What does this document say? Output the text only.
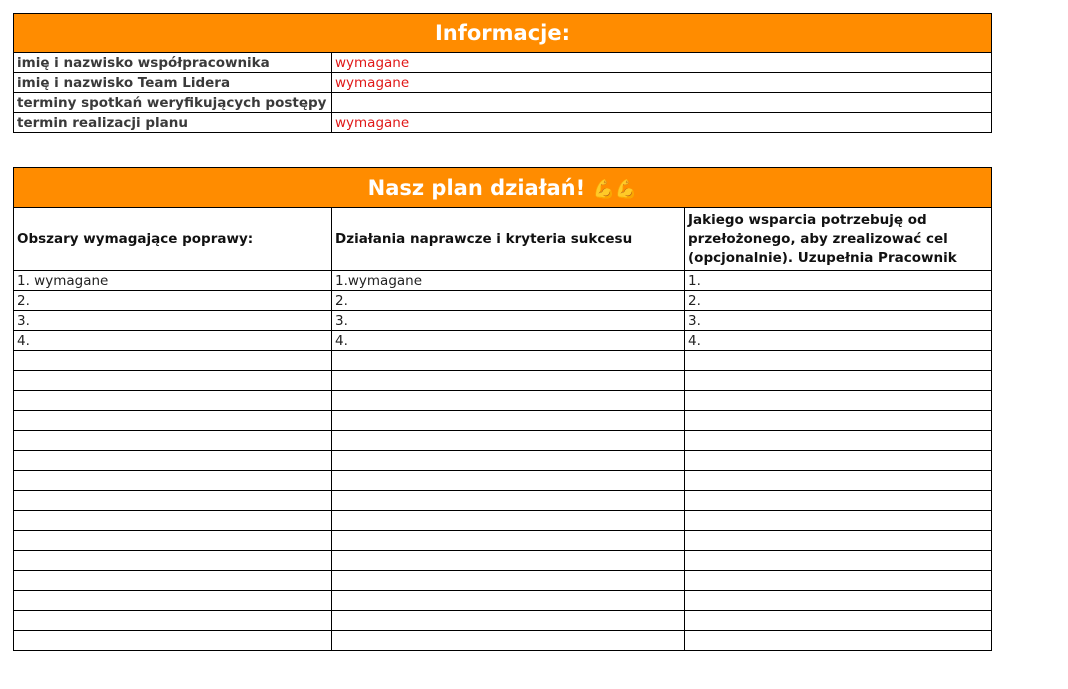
Informacje:	
imię i nazwisko współpracownika	wymagane
imię i nazwisko Team Lidera	wymagane
terminy spotkań weryfikujących postępy	
termin realizacji planu	wymagane
Nasz plan działań! 💪💪		
Obszary wymagające poprawy:	Działania naprawcze i kryteria sukcesu	Jakiego wsparcia potrzebuję od przełożonego, aby zrealizować cel (opcjonalnie). Uzupełnia Pracownik
1. wymagane	1.wymagane	1.
2.	2.	2.
3.	3.	3.
4.	4.	4.
